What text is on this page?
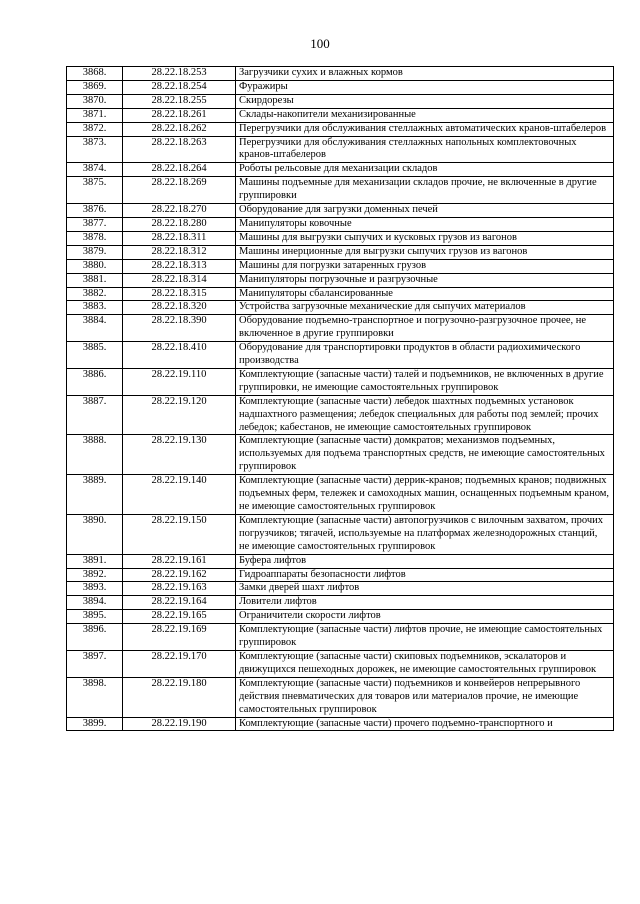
100
3868.	28.22.18.253	Загрузчики сухих и влажных кормов
3869.	28.22.18.254	Фуражиры
3870.	28.22.18.255	Скирдорезы
3871.	28.22.18.261	Склады-накопители механизированные
3872.	28.22.18.262	Перегрузчики для обслуживания стеллажных автоматических кранов-штабелеров
3873.	28.22.18.263	Перегрузчики для обслуживания стеллажных напольных комплектовочных кранов-штабелеров
3874.	28.22.18.264	Роботы рельсовые для механизации складов
3875.	28.22.18.269	Машины подъемные для механизации складов прочие, не включенные в другие группировки
3876.	28.22.18.270	Оборудование для загрузки доменных печей
3877.	28.22.18.280	Манипуляторы ковочные
3878.	28.22.18.311	Машины для выгрузки сыпучих и кусковых грузов из вагонов
3879.	28.22.18.312	Машины инерционные для выгрузки сыпучих грузов из вагонов
3880.	28.22.18.313	Машины для погрузки затаренных грузов
3881.	28.22.18.314	Манипуляторы погрузочные и разгрузочные
3882.	28.22.18.315	Манипуляторы сбалансированные
3883.	28.22.18.320	Устройства загрузочные механические для сыпучих материалов
3884.	28.22.18.390	Оборудование подъемно-транспортное и погрузочно-разгрузочное прочее, не включенное в другие группировки
3885.	28.22.18.410	Оборудование для транспортировки продуктов в области радиохимического производства
3886.	28.22.19.110	Комплектующие (запасные части) талей и подъемников, не включенных в другие группировки, не имеющие самостоятельных группировок
3887.	28.22.19.120	Комплектующие (запасные части) лебедок шахтных подъемных установок надшахтного размещения; лебедок специальных для работы под землей; прочих лебедок; кабестанов, не имеющие самостоятельных группировок
3888.	28.22.19.130	Комплектующие (запасные части) домкратов; механизмов подъемных, используемых для подъема транспортных средств, не имеющие самостоятельных группировок
3889.	28.22.19.140	Комплектующие (запасные части) деррик-кранов; подъемных кранов; подвижных подъемных ферм, тележек и самоходных машин, оснащенных подъемным краном, не имеющие самостоятельных группировок
3890.	28.22.19.150	Комплектующие (запасные части) автопогрузчиков с вилочным захватом, прочих погрузчиков; тягачей, используемые на платформах железнодорожных станций, не имеющие самостоятельных группировок
3891.	28.22.19.161	Буфера лифтов
3892.	28.22.19.162	Гидроаппараты безопасности лифтов
3893.	28.22.19.163	Замки дверей шахт лифтов
3894.	28.22.19.164	Ловители лифтов
3895.	28.22.19.165	Ограничители скорости лифтов
3896.	28.22.19.169	Комплектующие (запасные части) лифтов прочие, не имеющие самостоятельных группировок
3897.	28.22.19.170	Комплектующие (запасные части) скиповых подъемников, эскалаторов и движущихся пешеходных дорожек, не имеющие самостоятельных группировок
3898.	28.22.19.180	Комплектующие (запасные части) подъемников и конвейеров непрерывного действия пневматических для товаров или материалов прочие, не имеющие самостоятельных группировок
3899.	28.22.19.190	Комплектующие (запасные части) прочего подъемно-транспортного и
